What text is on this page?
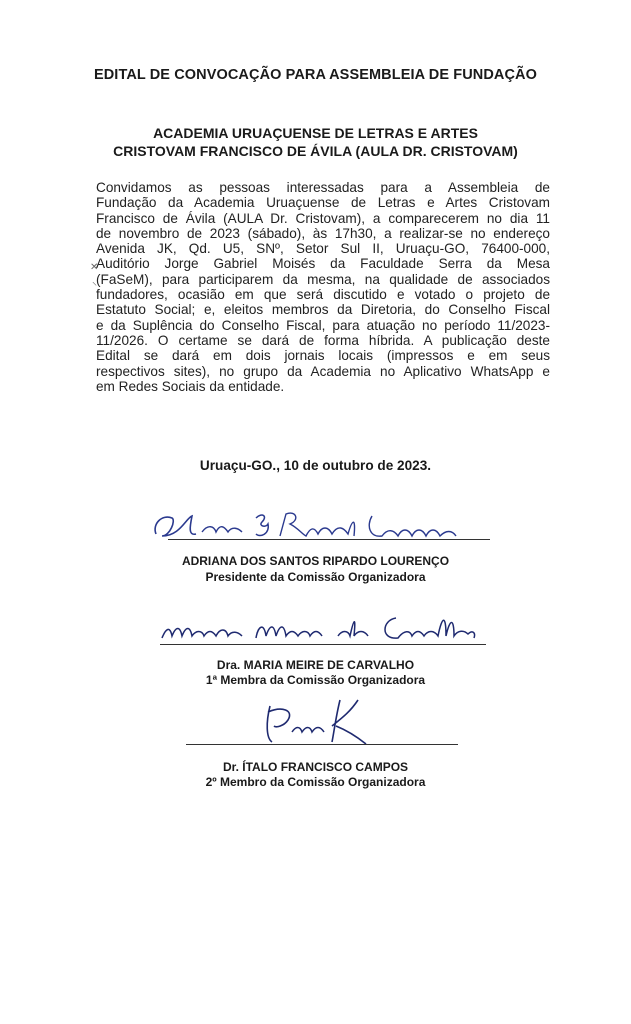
EDITAL DE CONVOCAÇÃO PARA ASSEMBLEIA DE FUNDAÇÃO
ACADEMIA URUAÇUENSE DE LETRAS E ARTES
CRISTOVAM FRANCISCO DE ÁVILA (AULA DR. CRISTOVAM)
Convidamos as pessoas interessadas para a Assembleia de
Fundação da Academia Uruaçuense de Letras e Artes Cristovam
Francisco de Ávila (AULA Dr. Cristovam), a comparecerem no dia 11
de novembro de 2023 (sábado), às 17h30, a realizar-se no endereço
Avenida JK, Qd. U5, SNº, Setor Sul II, Uruaçu-GO, 76400-000,
Auditório Jorge Gabriel Moisés da Faculdade Serra da Mesa
(FaSeM), para participarem da mesma, na qualidade de associados
fundadores, ocasião em que será discutido e votado o projeto de
Estatuto Social; e, eleitos membros da Diretoria, do Conselho Fiscal
e da Suplência do Conselho Fiscal, para atuação no período 11/2023-
11/2026. O certame se dará de forma híbrida. A publicação deste
Edital se dará em dois jornais locais (impressos e em seus
respectivos sites), no grupo da Academia no Aplicativo WhatsApp e
em Redes Sociais da entidade.
✕
⸌
Uruaçu-GO., 10 de outubro de 2023.
ADRIANA DOS SANTOS RIPARDO LOURENÇO
Presidente da Comissão Organizadora
Dra. MARIA MEIRE DE CARVALHO
1ª Membra da Comissão Organizadora
Dr. ÍTALO FRANCISCO CAMPOS
2º Membro da Comissão Organizadora
